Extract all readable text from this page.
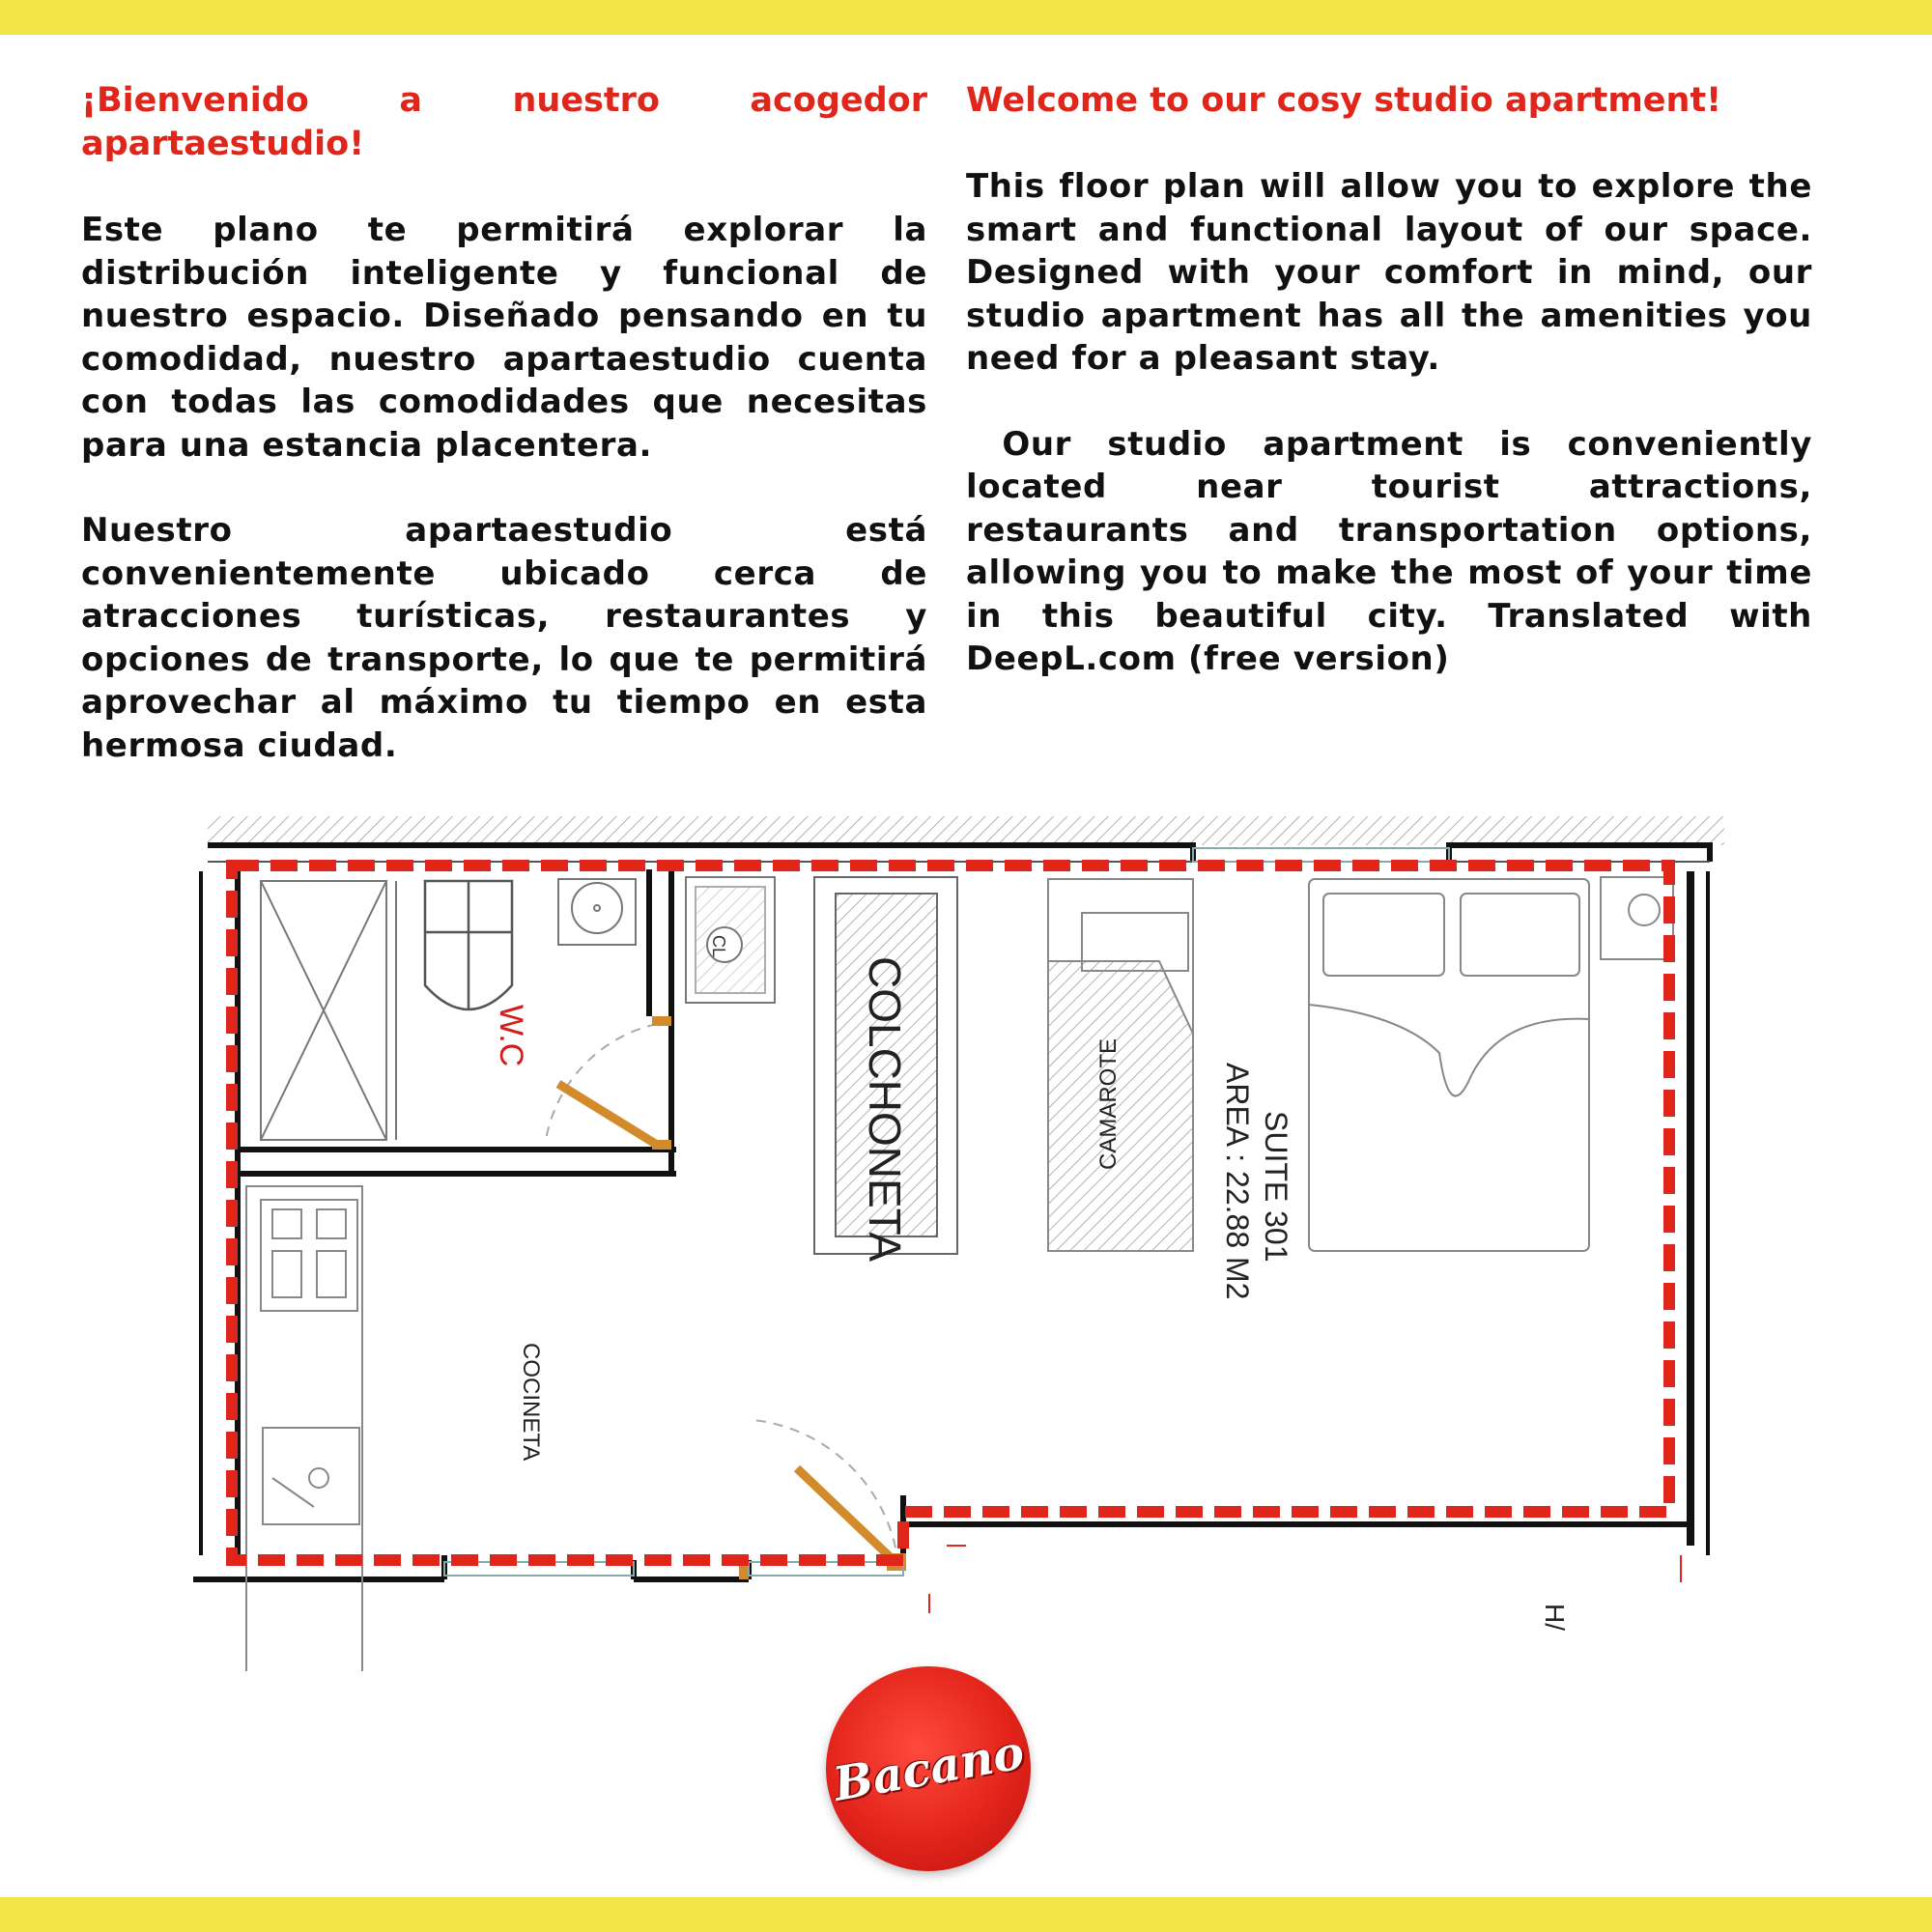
¡Bienvenido a nuestro acogedor apartaestudio!

Este plano te permitirá explorar la distribución inteligente y funcional de nuestro espacio. Diseñado pensando en tu comodidad, nuestro apartaestudio cuenta con todas las comodidades que necesitas para una estancia placentera.

Nuestro apartaestudio está convenientemente ubicado cerca de atracciones turísticas, restaurantes y opciones de transporte, lo que te permitirá aprovechar al máximo tu tiempo en esta hermosa ciudad.

Welcome to our cosy studio apartment!

This floor plan will allow you to explore the smart and functional layout of our space. Designed with your comfort in mind, our studio apartment has all the amenities you need for a pleasant stay.

Our studio apartment is conveniently located near tourist attractions, restaurants and transportation options, allowing you to make the most of your time in this beautiful city. Translated with DeepL.com (free version)

W.C
CL
COLCHONETA	CAMAROTE
SUITE 301
AREA : 22.88 M2
COCINETA
H/
Bacano
